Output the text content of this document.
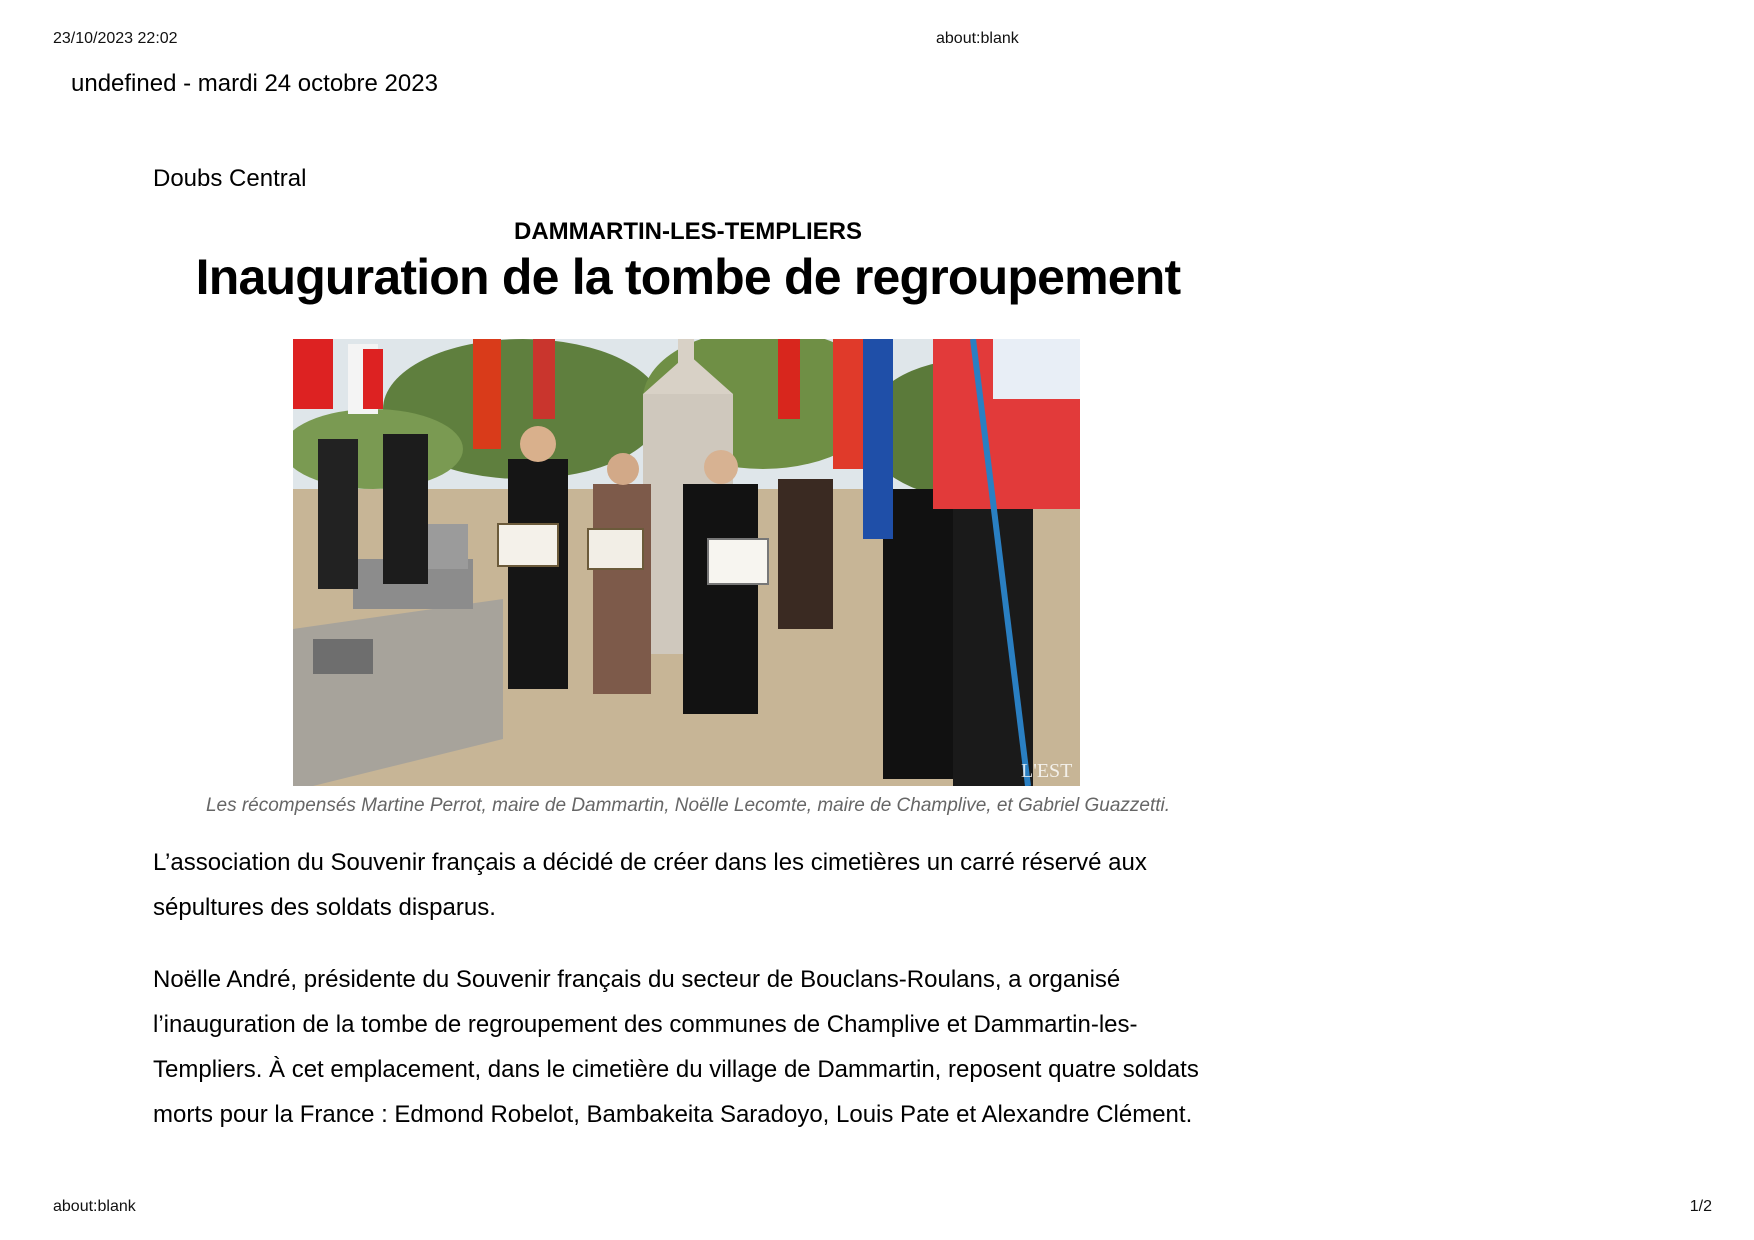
23/10/2023 22:02	about:blank
undefined - mardi 24 octobre 2023
Doubs Central
DAMMARTIN-LES-TEMPLIERS
Inauguration de la tombe de regroupement
L'EST
Les récompensés Martine Perrot, maire de Dammartin, Noëlle Lecomte, maire de Champlive, et Gabriel Guazzetti.

L’association du Souvenir français a décidé de créer dans les cimetières un carré réservé aux sépultures des soldats disparus.

Noëlle André, présidente du Souvenir français du secteur de Bouclans-Roulans, a organisé l’inauguration de la tombe de regroupement des communes de Champlive et Dammartin-les-Templiers. À cet emplacement, dans le cimetière du village de Dammartin, reposent quatre soldats morts pour la France : Edmond Robelot, Bambakeita Saradoyo, Louis Pate et Alexandre Clément.

about:blank	1/2
